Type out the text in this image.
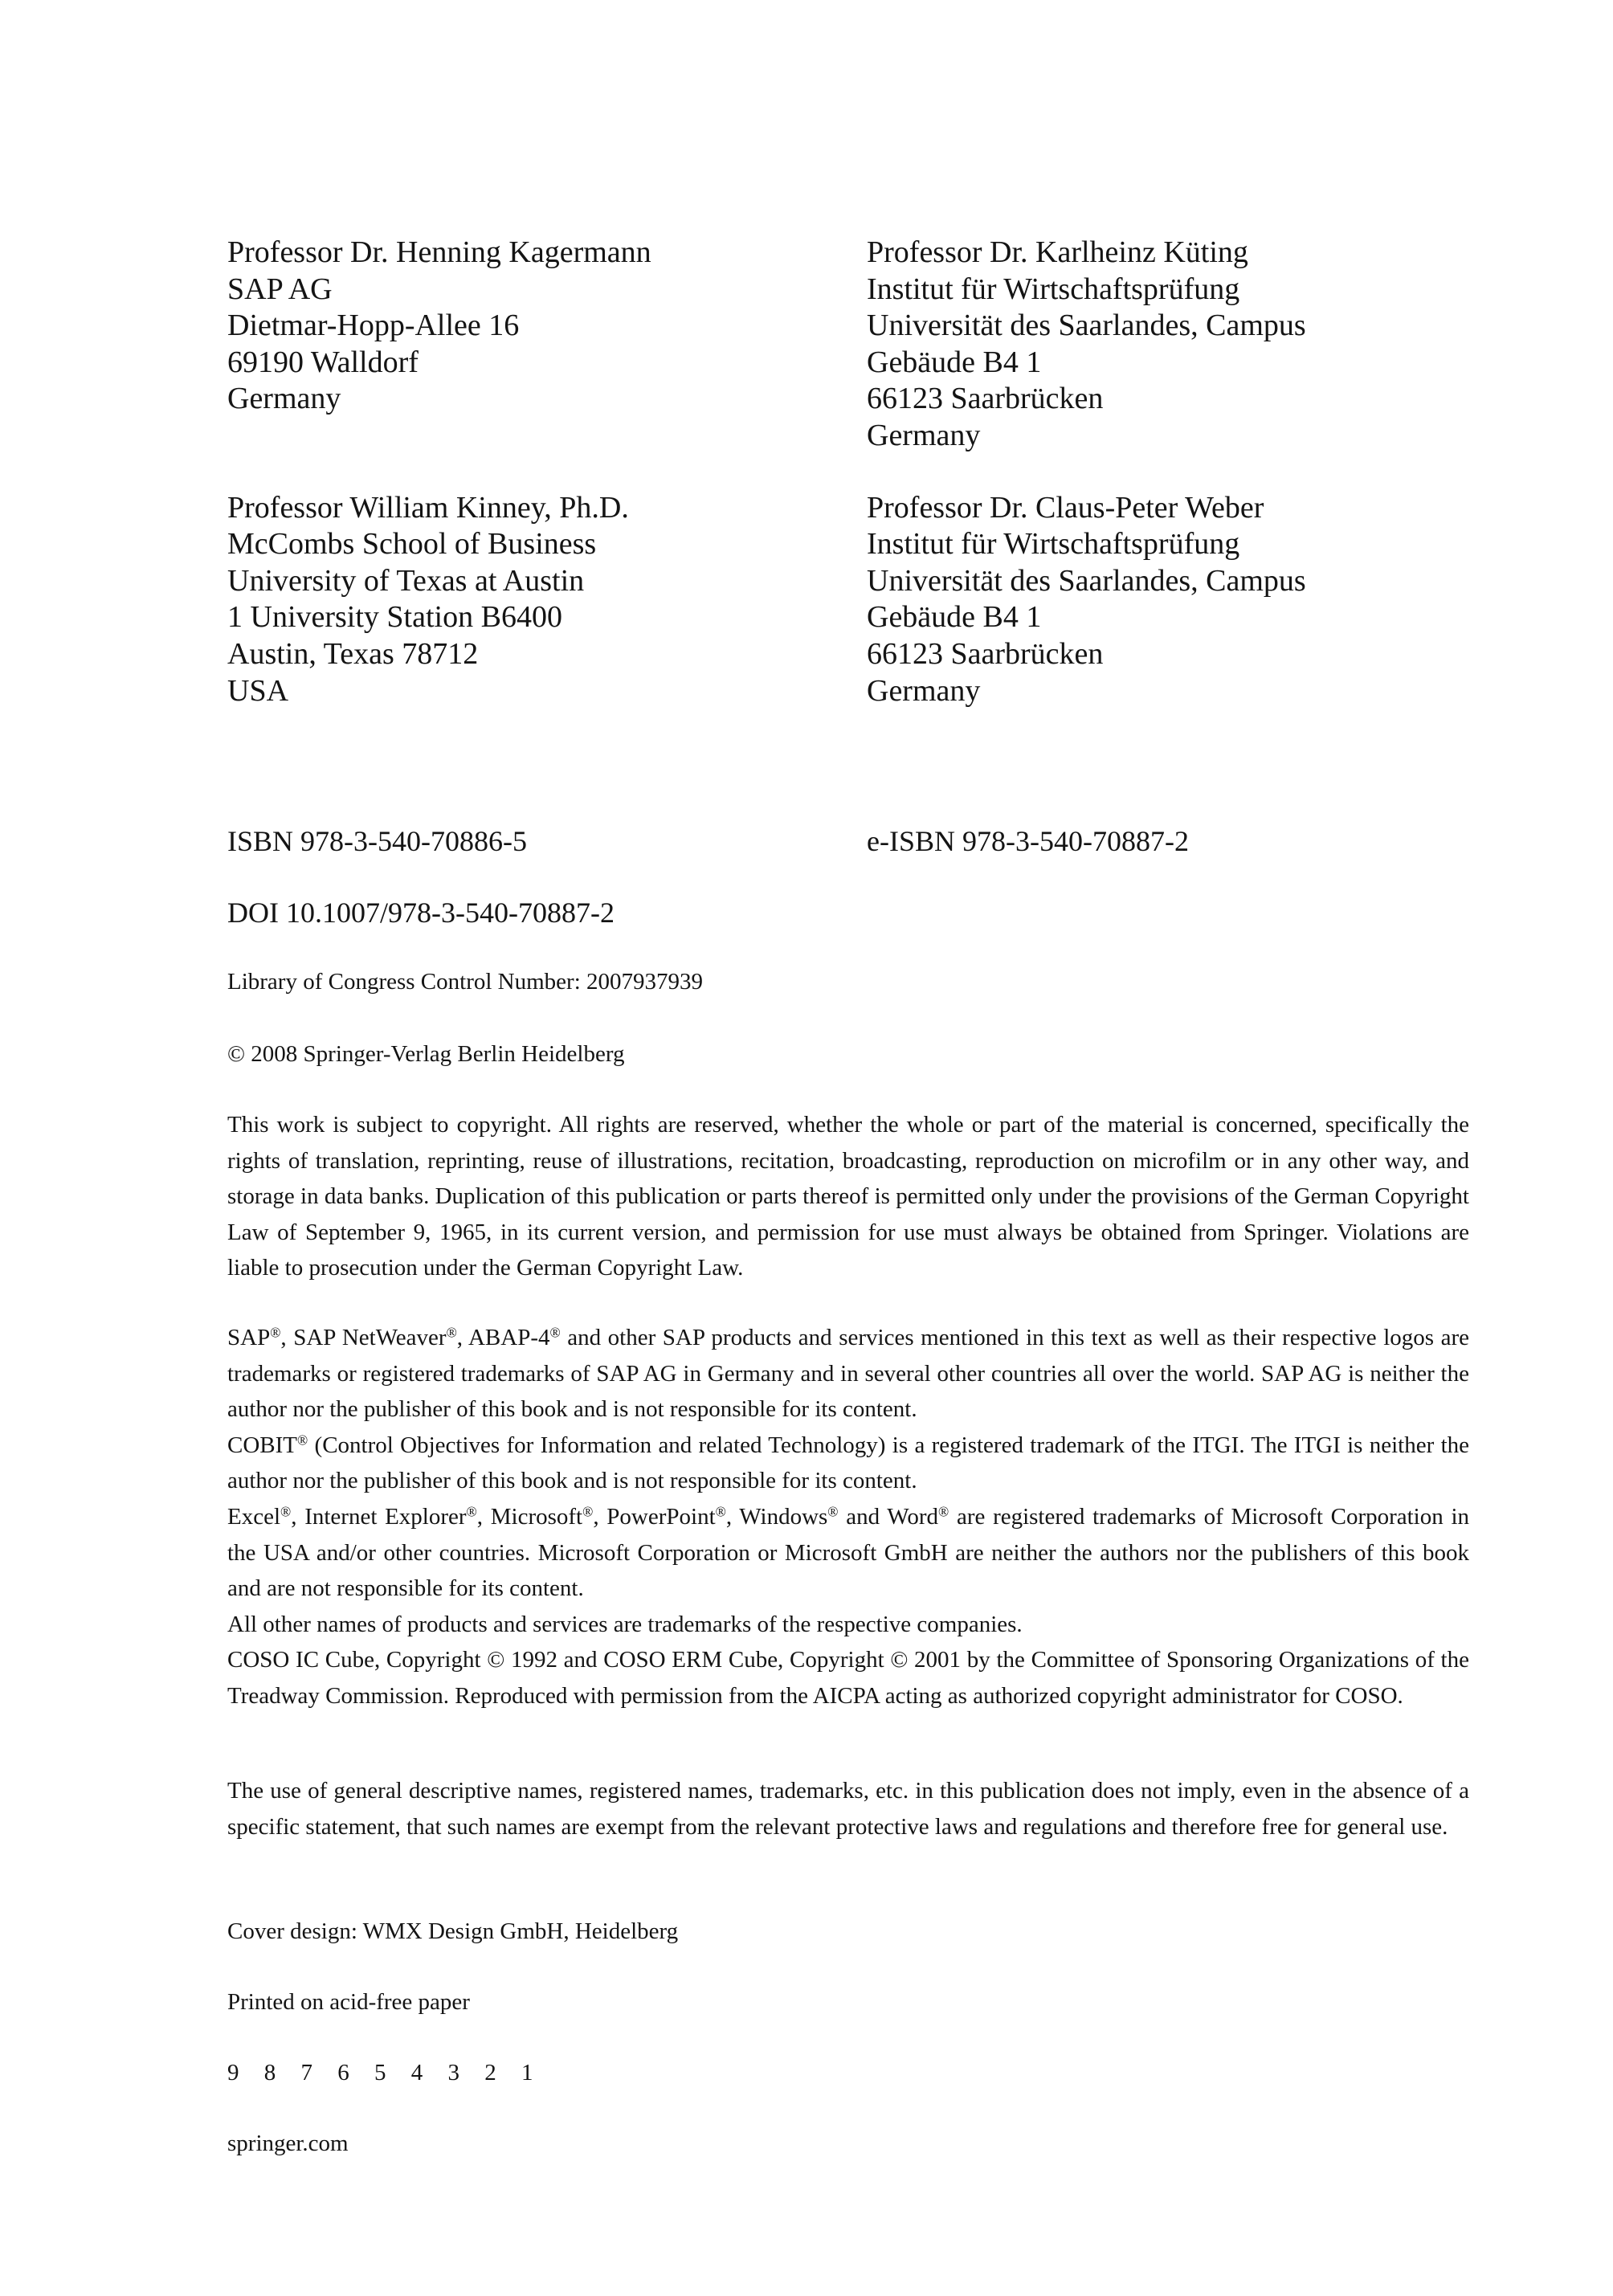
Professor Dr. Henning Kagermann
SAP AG
Dietmar-Hopp-Allee 16
69190 Walldorf
Germany
Professor Dr. Karlheinz Küting
Institut für Wirtschaftsprüfung
Universität des Saarlandes, Campus
Gebäude B4 1
66123 Saarbrücken
Germany
Professor William Kinney, Ph.D.
McCombs School of Business
University of Texas at Austin
1 University Station B6400
Austin, Texas 78712
USA
Professor Dr. Claus-Peter Weber
Institut für Wirtschaftsprüfung
Universität des Saarlandes, Campus
Gebäude B4 1
66123 Saarbrücken
Germany
ISBN 978-3-540-70886-5	e-ISBN 978-3-540-70887-2
DOI 10.1007/978-3-540-70887-2
Library of Congress Control Number: 2007937939
© 2008 Springer-Verlag Berlin Heidelberg

This work is subject to copyright. All rights are reserved, whether the whole or part of the material is concerned, specifically the rights of translation, reprinting, reuse of illustrations, recitation, broadcasting, reproduction on microfilm or in any other way, and storage in data banks. Duplication of this publication or parts thereof is permitted only under the provisions of the German Copyright Law of September 9, 1965, in its current version, and permission for use must always be obtained from Springer. Violations are liable to prosecution under the German Copyright Law.

SAP®, SAP NetWeaver®, ABAP-4® and other SAP products and services mentioned in this text as well as their respective logos are trademarks or registered trademarks of SAP AG in Germany and in several other countries all over the world. SAP AG is neither the author nor the publisher of this book and is not responsible for its content.

COBIT® (Control Objectives for Information and related Technology) is a registered trademark of the ITGI. The ITGI is neither the author nor the publisher of this book and is not responsible for its content.

Excel®, Internet Explorer®, Microsoft®, PowerPoint®, Windows® and Word® are registered trademarks of Microsoft Corporation in the USA and/or other countries. Microsoft Corporation or Microsoft GmbH are neither the authors nor the publishers of this book and are not responsible for its content.

All other names of products and services are trademarks of the respective companies.

COSO IC Cube, Copyright © 1992 and COSO ERM Cube, Copyright © 2001 by the Committee of Sponsoring Organizations of the Treadway Commission. Reproduced with permission from the AICPA acting as authorized copyright administrator for COSO.

The use of general descriptive names, registered names, trademarks, etc. in this publication does not imply, even in the absence of a specific statement, that such names are exempt from the relevant protective laws and regulations and therefore free for general use.

Cover design: WMX Design GmbH, Heidelberg
Printed on acid-free paper
9 8 7 6 5 4 3 2 1
springer.com
